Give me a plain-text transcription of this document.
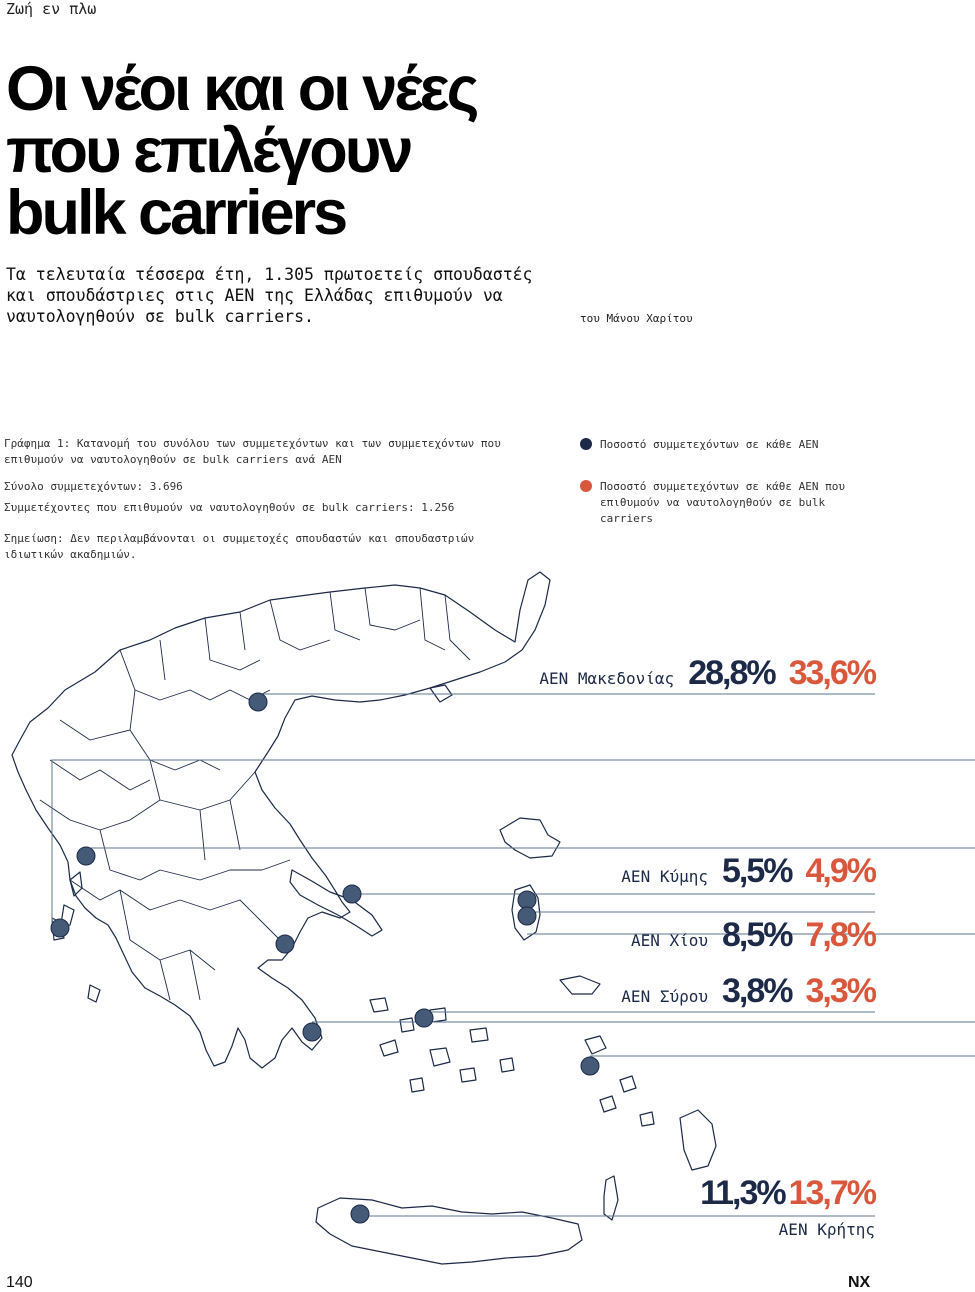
Ζωή εν πλω
Οι νέοι και οι νέες
που επιλέγουν
bulk carriers

Τα τελευταία τέσσερα έτη, 1.305 πρωτοετείς σπουδαστές και σπουδάστριες στις ΑΕΝ της Ελλάδας επιθυμούν να ναυτολογηθούν σε bulk carriers.	του Μάνου Χαρίτου

Γράφημα 1: Κατανομή του συνόλου των συμμετεχόντων και των συμμετεχόντων που επιθυμούν να ναυτολογηθούν σε bulk carriers ανά ΑΕΝ

Σύνολο συμμετεχόντων: 3.696

Συμμετέχοντες που επιθυμούν να ναυτολογηθούν σε bulk carriers: 1.256

Σημείωση: Δεν περιλαμβάνονται οι συμμετοχές σπουδαστών και σπουδαστριών ιδιωτικών ακαδημιών.

Ποσοστό συμμετεχόντων σε κάθε ΑΕΝ
Ποσοστό συμμετεχόντων σε κάθε ΑΕΝ που επιθυμούν να ναυτολογηθούν σε bulk carriers
ΑΕΝ Μακεδονίας 28,8% 33,6%
ΑΕΝ Κύμης 5,5% 4,9%
ΑΕΝ Χίου 8,5% 7,8%
ΑΕΝ Σύρου 3,8% 3,3%
11,3% 13,7%
ΑΕΝ Κρήτης
140	NX
